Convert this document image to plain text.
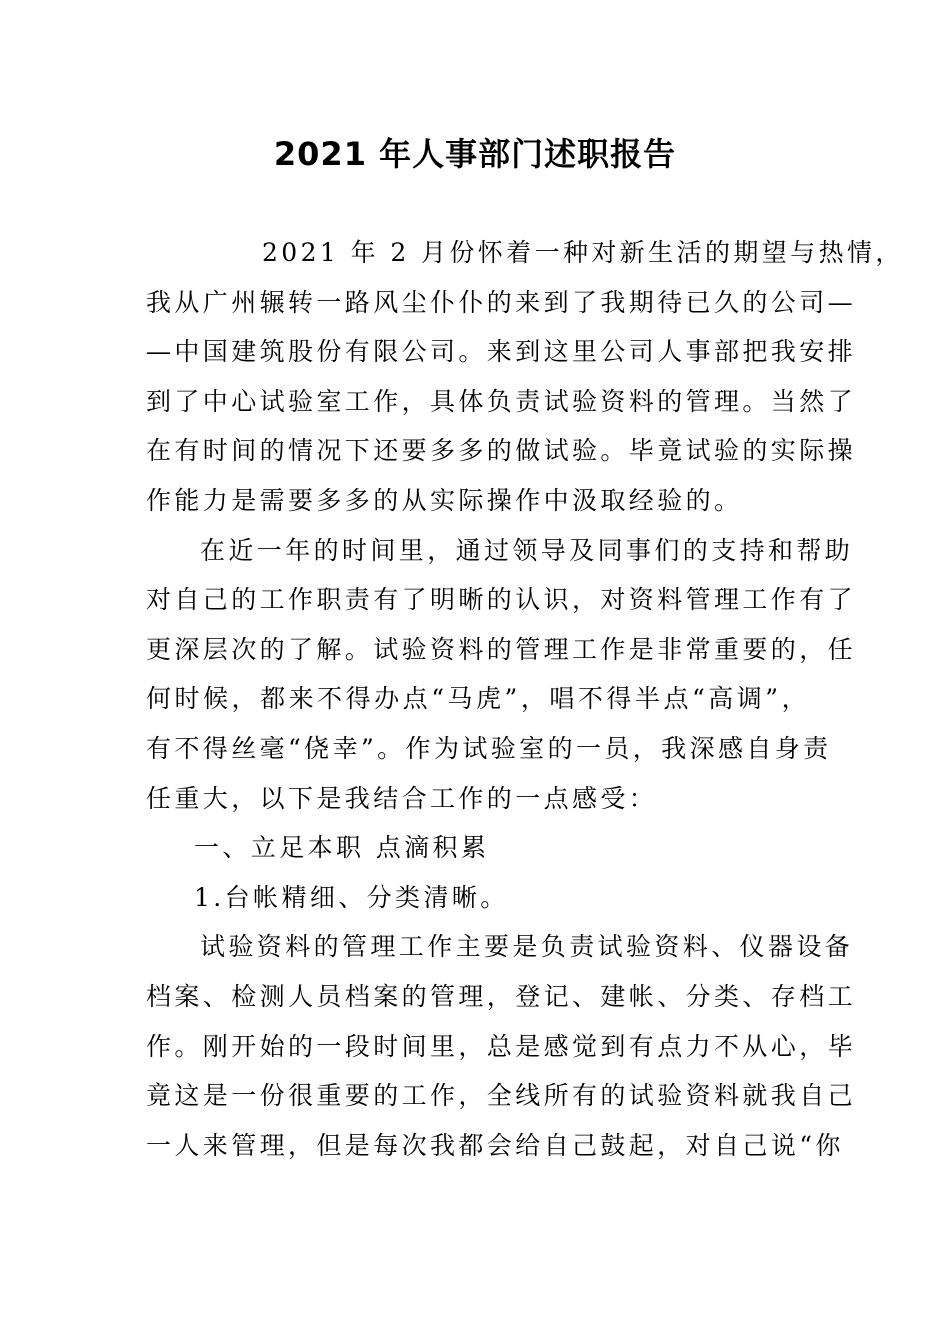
2021 年人事部门述职报告
2021 年 2 月份怀着一种对新生活的期望与热情，
我从广州辗转一路风尘仆仆的来到了我期待已久的公司—
—中国建筑股份有限公司。来到这里公司人事部把我安排
到了中心试验室工作，具体负责试验资料的管理。当然了
在有时间的情况下还要多多的做试验。毕竟试验的实际操
作能力是需要多多的从实际操作中汲取经验的。
在近一年的时间里，通过领导及同事们的支持和帮助
对自己的工作职责有了明晰的认识，对资料管理工作有了
更深层次的了解。试验资料的管理工作是非常重要的，任
何时候，都来不得办点“马虎”，唱不得半点“高调”，
有不得丝毫“侥幸”。作为试验室的一员，我深感自身责
任重大，以下是我结合工作的一点感受：
一、立足本职 点滴积累
1.台帐精细、分类清晰。
试验资料的管理工作主要是负责试验资料、仪器设备
档案、检测人员档案的管理，登记、建帐、分类、存档工
作。刚开始的一段时间里，总是感觉到有点力不从心，毕
竟这是一份很重要的工作，全线所有的试验资料就我自己
一人来管理，但是每次我都会给自己鼓起，对自己说“你
